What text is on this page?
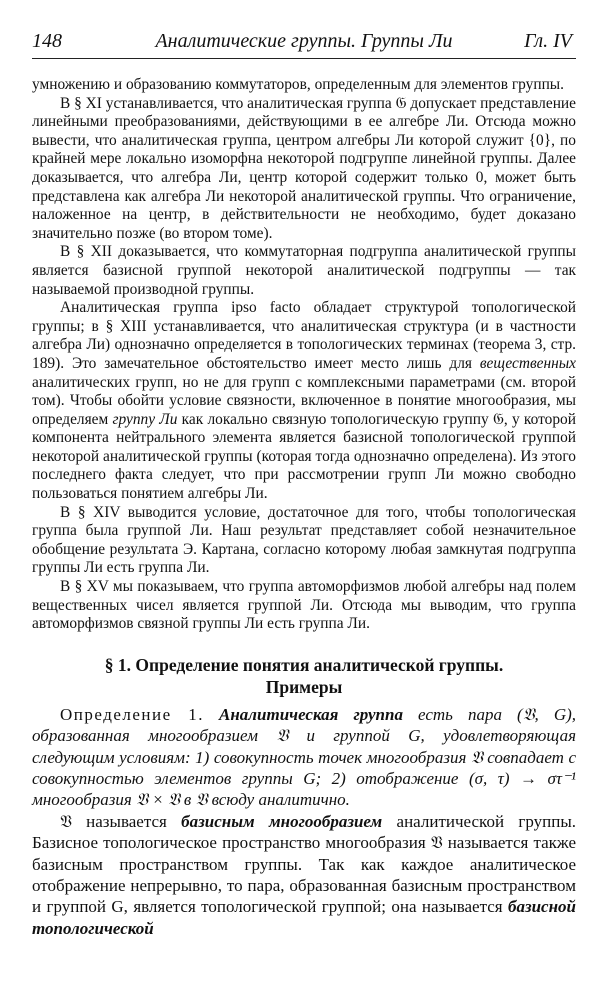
148	Аналитические группы. Группы Ли	Гл. IV

умножению и образованию коммутаторов, определенным для элементов группы.

В § XI устанавливается, что аналитическая группа 𝔊 допускает представление линейными преобразованиями, действующими в ее алгебре Ли. Отсюда можно вывести, что аналитическая группа, центром алгебры Ли которой служит {0}, по крайней мере локально изоморфна некоторой подгруппе линейной группы. Далее доказывается, что алгебра Ли, центр которой содержит только 0, может быть представлена как алгебра Ли некоторой аналитической группы. Что ограничение, наложенное на центр, в действительности не необходимо, будет доказано значительно позже (во втором томе).

В § XII доказывается, что коммутаторная подгруппа аналитической группы является базисной группой некоторой аналитической подгруппы — так называемой производной группы.

Аналитическая группа ipso facto обладает структурой топологической группы; в § XIII устанавливается, что аналитическая структура (и в частности алгебра Ли) однозначно определяется в топологических терминах (теорема 3, стр. 189). Это замечательное обстоятельство имеет место лишь для вещественных аналитических групп, но не для групп с комплексными параметрами (см. второй том). Чтобы обойти условие связности, включенное в понятие многообразия, мы определяем группу Ли как локально связную топологическую группу 𝔊, у которой компонента нейтрального элемента является базисной топологической группой некоторой аналитической группы (которая тогда однозначно определена). Из этого последнего факта следует, что при рассмотрении групп Ли можно свободно пользоваться понятием алгебры Ли.

В § XIV выводится условие, достаточное для того, чтобы топологическая группа была группой Ли. Наш результат представляет собой незначительное обобщение результата Э. Картана, согласно которому любая замкнутая подгруппа группы Ли есть группа Ли.

В § XV мы показываем, что группа автоморфизмов любой алгебры над полем вещественных чисел является группой Ли. Отсюда мы выводим, что группа автоморфизмов связной группы Ли есть группа Ли.

§ 1. Определение понятия аналитической группы.
Примеры

Определение 1. Аналитическая группа есть пара (𝔙, G), образованная многообразием 𝔙 и группой G, удовлетворяющая следующим условиям: 1) совокупность точек многообразия 𝔙 совпадает с совокупностью элементов группы G; 2) отображение (σ, τ) → στ⁻¹ многообразия 𝔙 × 𝔙 в 𝔙 всюду аналитично.

𝔙 называется базисным многообразием аналитической группы. Базисное топологическое пространство многообразия 𝔙 называется также базисным пространством группы. Так как каждое аналитическое отображение непрерывно, то пара, образованная базисным пространством и группой G, является топологической группой; она называется базисной топологической
